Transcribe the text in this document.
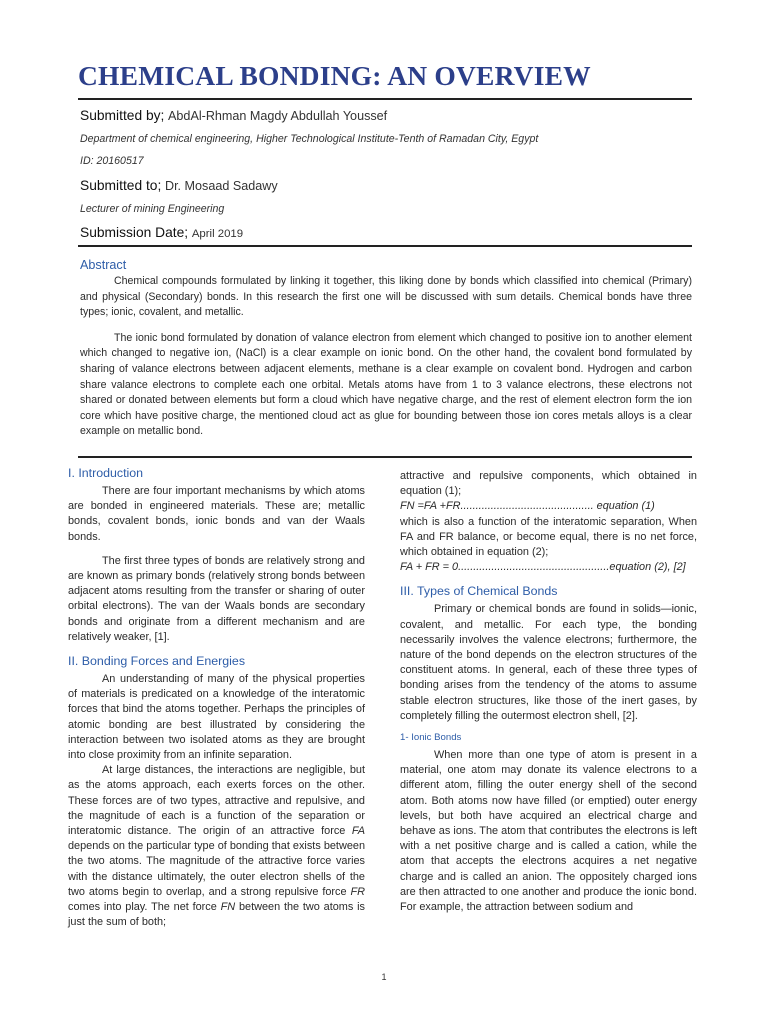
CHEMICAL BONDING: AN OVERVIEW
Submitted by; AbdAl-Rhman Magdy Abdullah Youssef
Department of chemical engineering, Higher Technological Institute-Tenth of Ramadan City, Egypt
ID: 20160517
Submitted to; Dr. Mosaad Sadawy
Lecturer of mining Engineering
Submission Date; April 2019
Abstract

Chemical compounds formulated by linking it together, this liking done by bonds which classified into chemical (Primary) and physical (Secondary) bonds. In this research the first one will be discussed with sum details. Chemical bonds have three types; ionic, covalent, and metallic.

The ionic bond formulated by donation of valance electron from element which changed to positive ion to another element which changed to negative ion, (NaCl) is a clear example on ionic bond. On the other hand, the covalent bond formulated by sharing of valance electrons between adjacent elements, methane is a clear example on covalent bond. Hydrogen and carbon share valance electrons to complete each one orbital. Metals atoms have from 1 to 3 valance electrons, these electrons not shared or donated between elements but form a cloud which have negative charge, and the rest of element electron form the ion core which have positive charge, the mentioned cloud act as glue for bounding between those ion cores metals alloys is a clear example on metallic bond.

I. Introduction

There are four important mechanisms by which atoms are bonded in engineered materials. These are; metallic bonds, covalent bonds, ionic bonds and van der Waals bonds.

The first three types of bonds are relatively strong and are known as primary bonds (relatively strong bonds between adjacent atoms resulting from the transfer or sharing of outer orbital electrons). The van der Waals bonds are secondary bonds and originate from a different mechanism and are relatively weaker, [1].

II. Bonding Forces and Energies

An understanding of many of the physical properties of materials is predicated on a knowledge of the interatomic forces that bind the atoms together. Perhaps the principles of atomic bonding are best illustrated by considering the interaction between two isolated atoms as they are brought into close proximity from an infinite separation.

At large distances, the interactions are negligible, but as the atoms approach, each exerts forces on the other. These forces are of two types, attractive and repulsive, and the magnitude of each is a function of the separation or interatomic distance. The origin of an attractive force FA depends on the particular type of bonding that exists between the two atoms. The magnitude of the attractive force varies with the distance ultimately, the outer electron shells of the two atoms begin to overlap, and a strong repulsive force FR comes into play. The net force FN between the two atoms is just the sum of both;

attractive and repulsive components, which obtained in equation (1);

FN =FA +FR............................................ equation (1)

which is also a function of the interatomic separation, When FA and FR balance, or become equal, there is no net force, which obtained in equation (2);

FA + FR = 0..................................................equation (2), [2]

III. Types of Chemical Bonds

Primary or chemical bonds are found in solids—ionic, covalent, and metallic. For each type, the bonding necessarily involves the valence electrons; furthermore, the nature of the bond depends on the electron structures of the constituent atoms. In general, each of these three types of bonding arises from the tendency of the atoms to assume stable electron structures, like those of the inert gases, by completely filling the outermost electron shell, [2].

1- Ionic Bonds

When more than one type of atom is present in a material, one atom may donate its valence electrons to a different atom, filling the outer energy shell of the second atom. Both atoms now have filled (or emptied) outer energy levels, but both have acquired an electrical charge and behave as ions. The atom that contributes the electrons is left with a net positive charge and is called a cation, while the atom that accepts the electrons acquires a net negative charge and is called an anion. The oppositely charged ions are then attracted to one another and produce the ionic bond. For example, the attraction between sodium and

1
